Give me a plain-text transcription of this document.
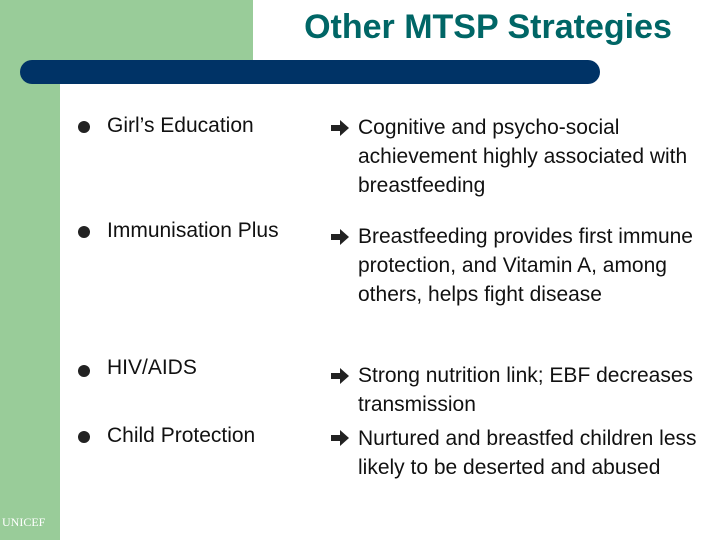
Other MTSP Strategies
Girl’s Education	Cognitive and psycho-social achievement highly associated with breastfeeding
Immunisation Plus	Breastfeeding provides first immune protection, and Vitamin A, among others, helps fight disease
HIV/AIDS	Strong nutrition link; EBF decreases transmission
Child Protection	Nurtured and breastfed children less likely to be deserted and abused
UNICEF
